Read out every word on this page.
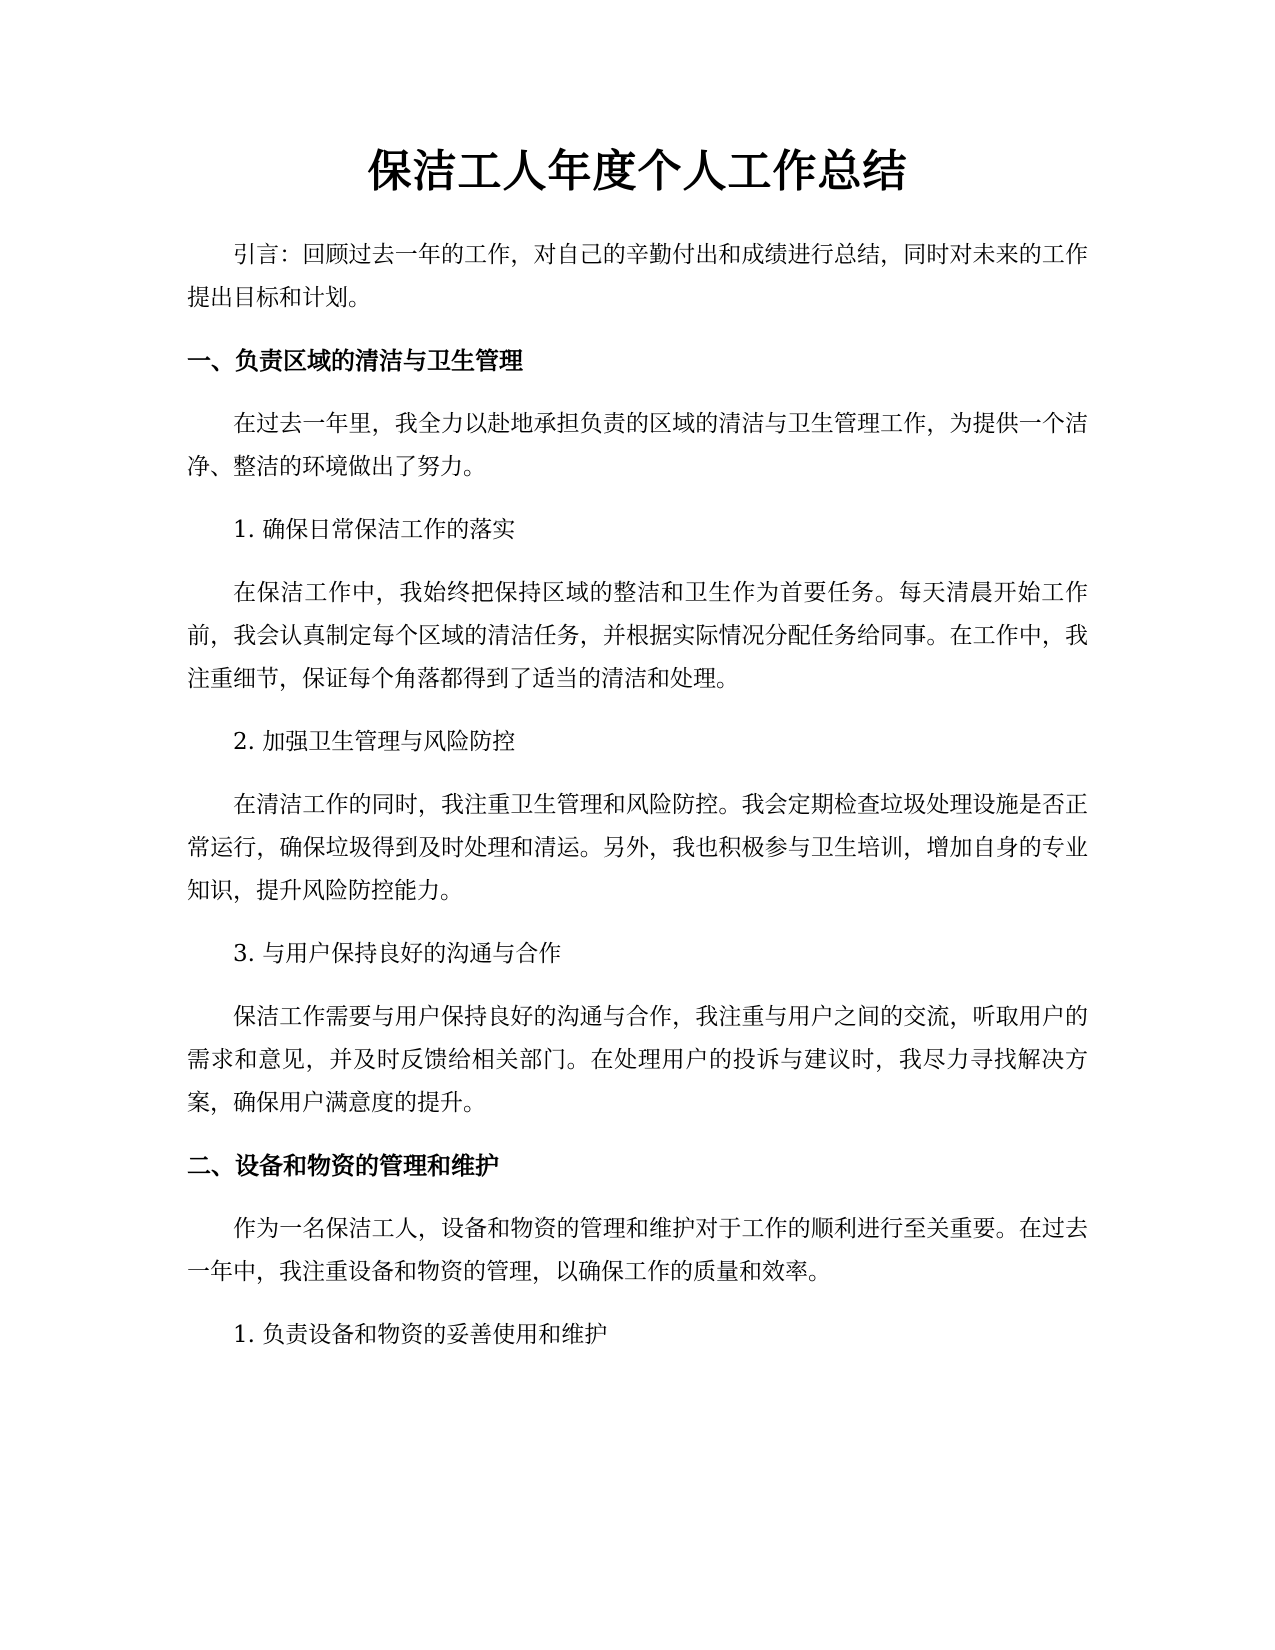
保洁工人年度个人工作总结

引言：回顾过去一年的工作，对自己的辛勤付出和成绩进行总结，同时对未来的工作提出目标和计划。

一、负责区域的清洁与卫生管理

在过去一年里，我全力以赴地承担负责的区域的清洁与卫生管理工作，为提供一个洁净、整洁的环境做出了努力。

1. 确保日常保洁工作的落实

在保洁工作中，我始终把保持区域的整洁和卫生作为首要任务。每天清晨开始工作前，我会认真制定每个区域的清洁任务，并根据实际情况分配任务给同事。在工作中，我注重细节，保证每个角落都得到了适当的清洁和处理。

2. 加强卫生管理与风险防控

在清洁工作的同时，我注重卫生管理和风险防控。我会定期检查垃圾处理设施是否正常运行，确保垃圾得到及时处理和清运。另外，我也积极参与卫生培训，增加自身的专业知识，提升风险防控能力。

3. 与用户保持良好的沟通与合作

保洁工作需要与用户保持良好的沟通与合作，我注重与用户之间的交流，听取用户的需求和意见，并及时反馈给相关部门。在处理用户的投诉与建议时，我尽力寻找解决方案，确保用户满意度的提升。

二、设备和物资的管理和维护

作为一名保洁工人，设备和物资的管理和维护对于工作的顺利进行至关重要。在过去一年中，我注重设备和物资的管理，以确保工作的质量和效率。

1. 负责设备和物资的妥善使用和维护
